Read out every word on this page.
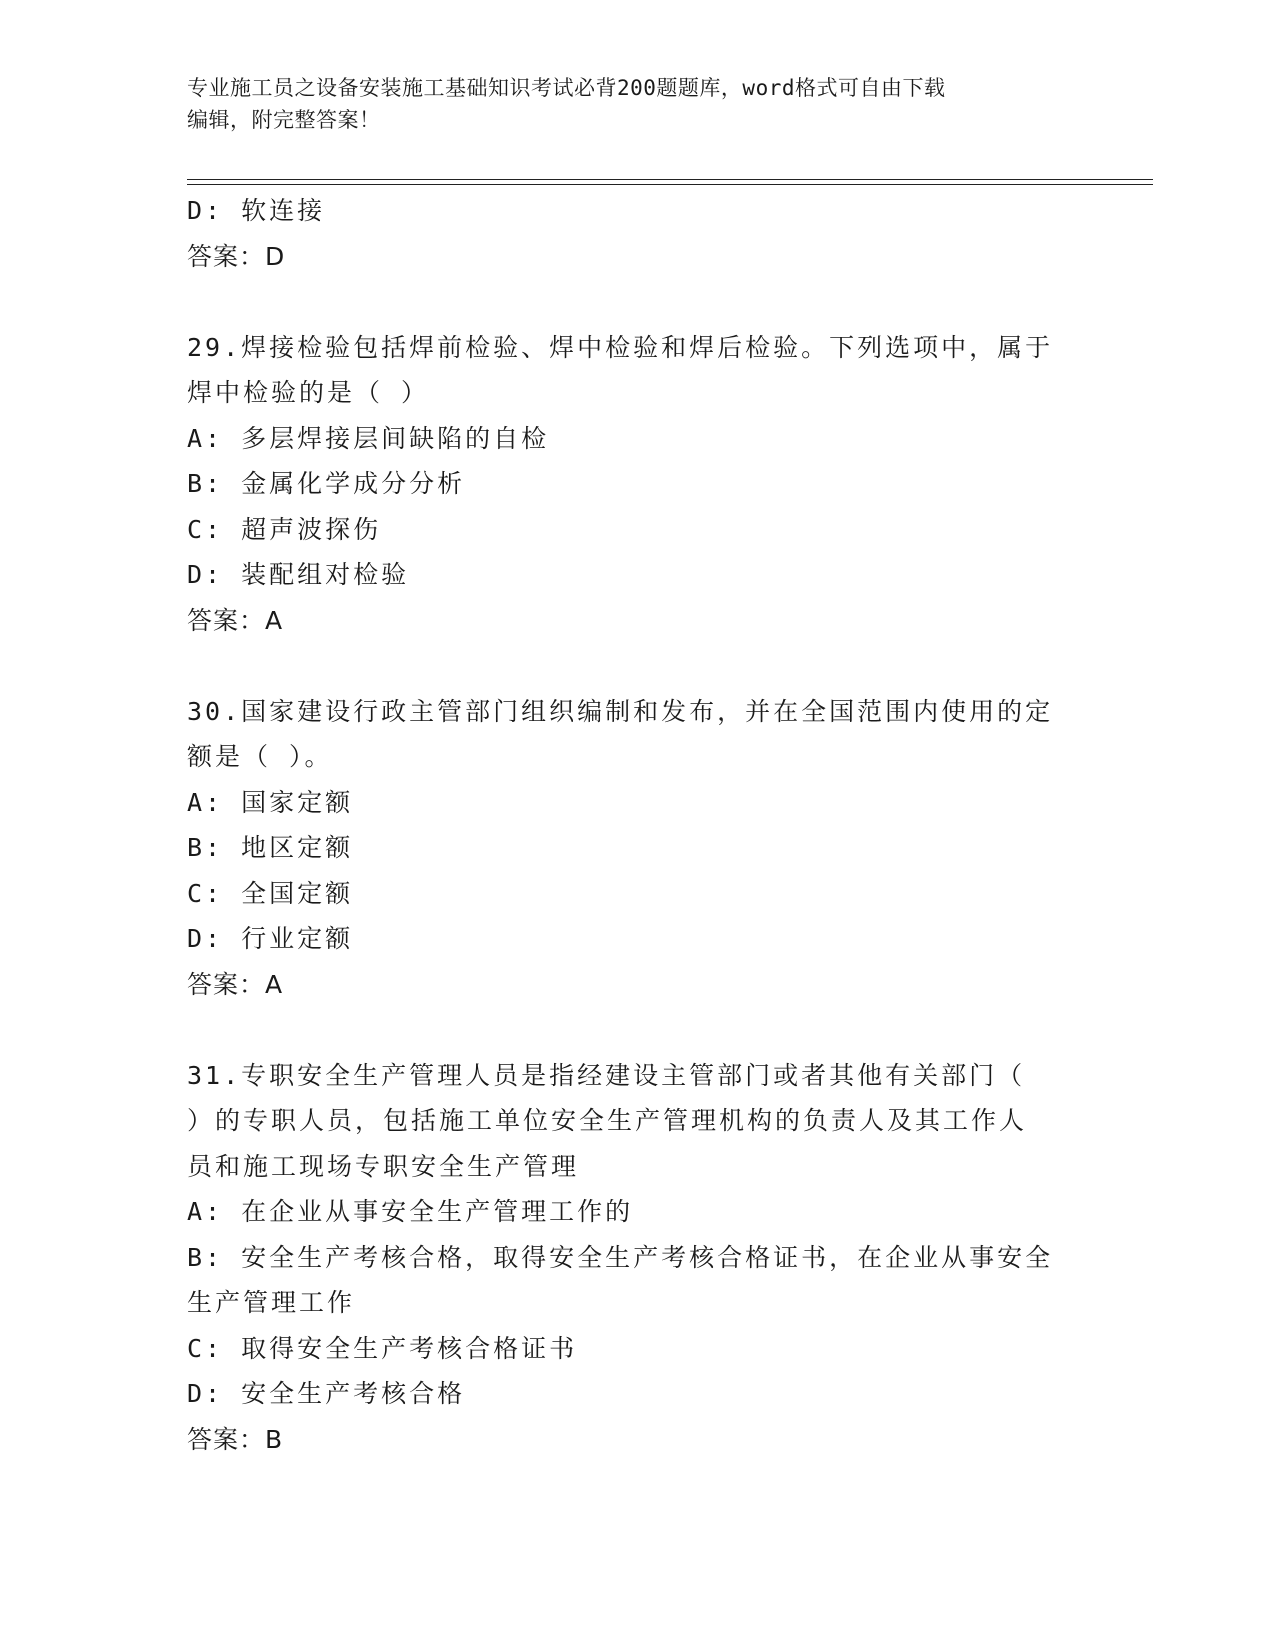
专业施工员之设备安装施工基础知识考试必背200题题库，word格式可自由下载
编辑，附完整答案！
D: 软连接
答案：D
29.焊接检验包括焊前检验、焊中检验和焊后检验。下列选项中，属于
焊中检验的是（ ）
A: 多层焊接层间缺陷的自检
B: 金属化学成分分析
C: 超声波探伤
D: 装配组对检验
答案：A
30.国家建设行政主管部门组织编制和发布，并在全国范围内使用的定
额是（ ）。
A: 国家定额
B: 地区定额
C: 全国定额
D: 行业定额
答案：A
31.专职安全生产管理人员是指经建设主管部门或者其他有关部门（
）的专职人员，包括施工单位安全生产管理机构的负责人及其工作人
员和施工现场专职安全生产管理
A: 在企业从事安全生产管理工作的
B: 安全生产考核合格，取得安全生产考核合格证书，在企业从事安全
生产管理工作
C: 取得安全生产考核合格证书
D: 安全生产考核合格
答案：B
